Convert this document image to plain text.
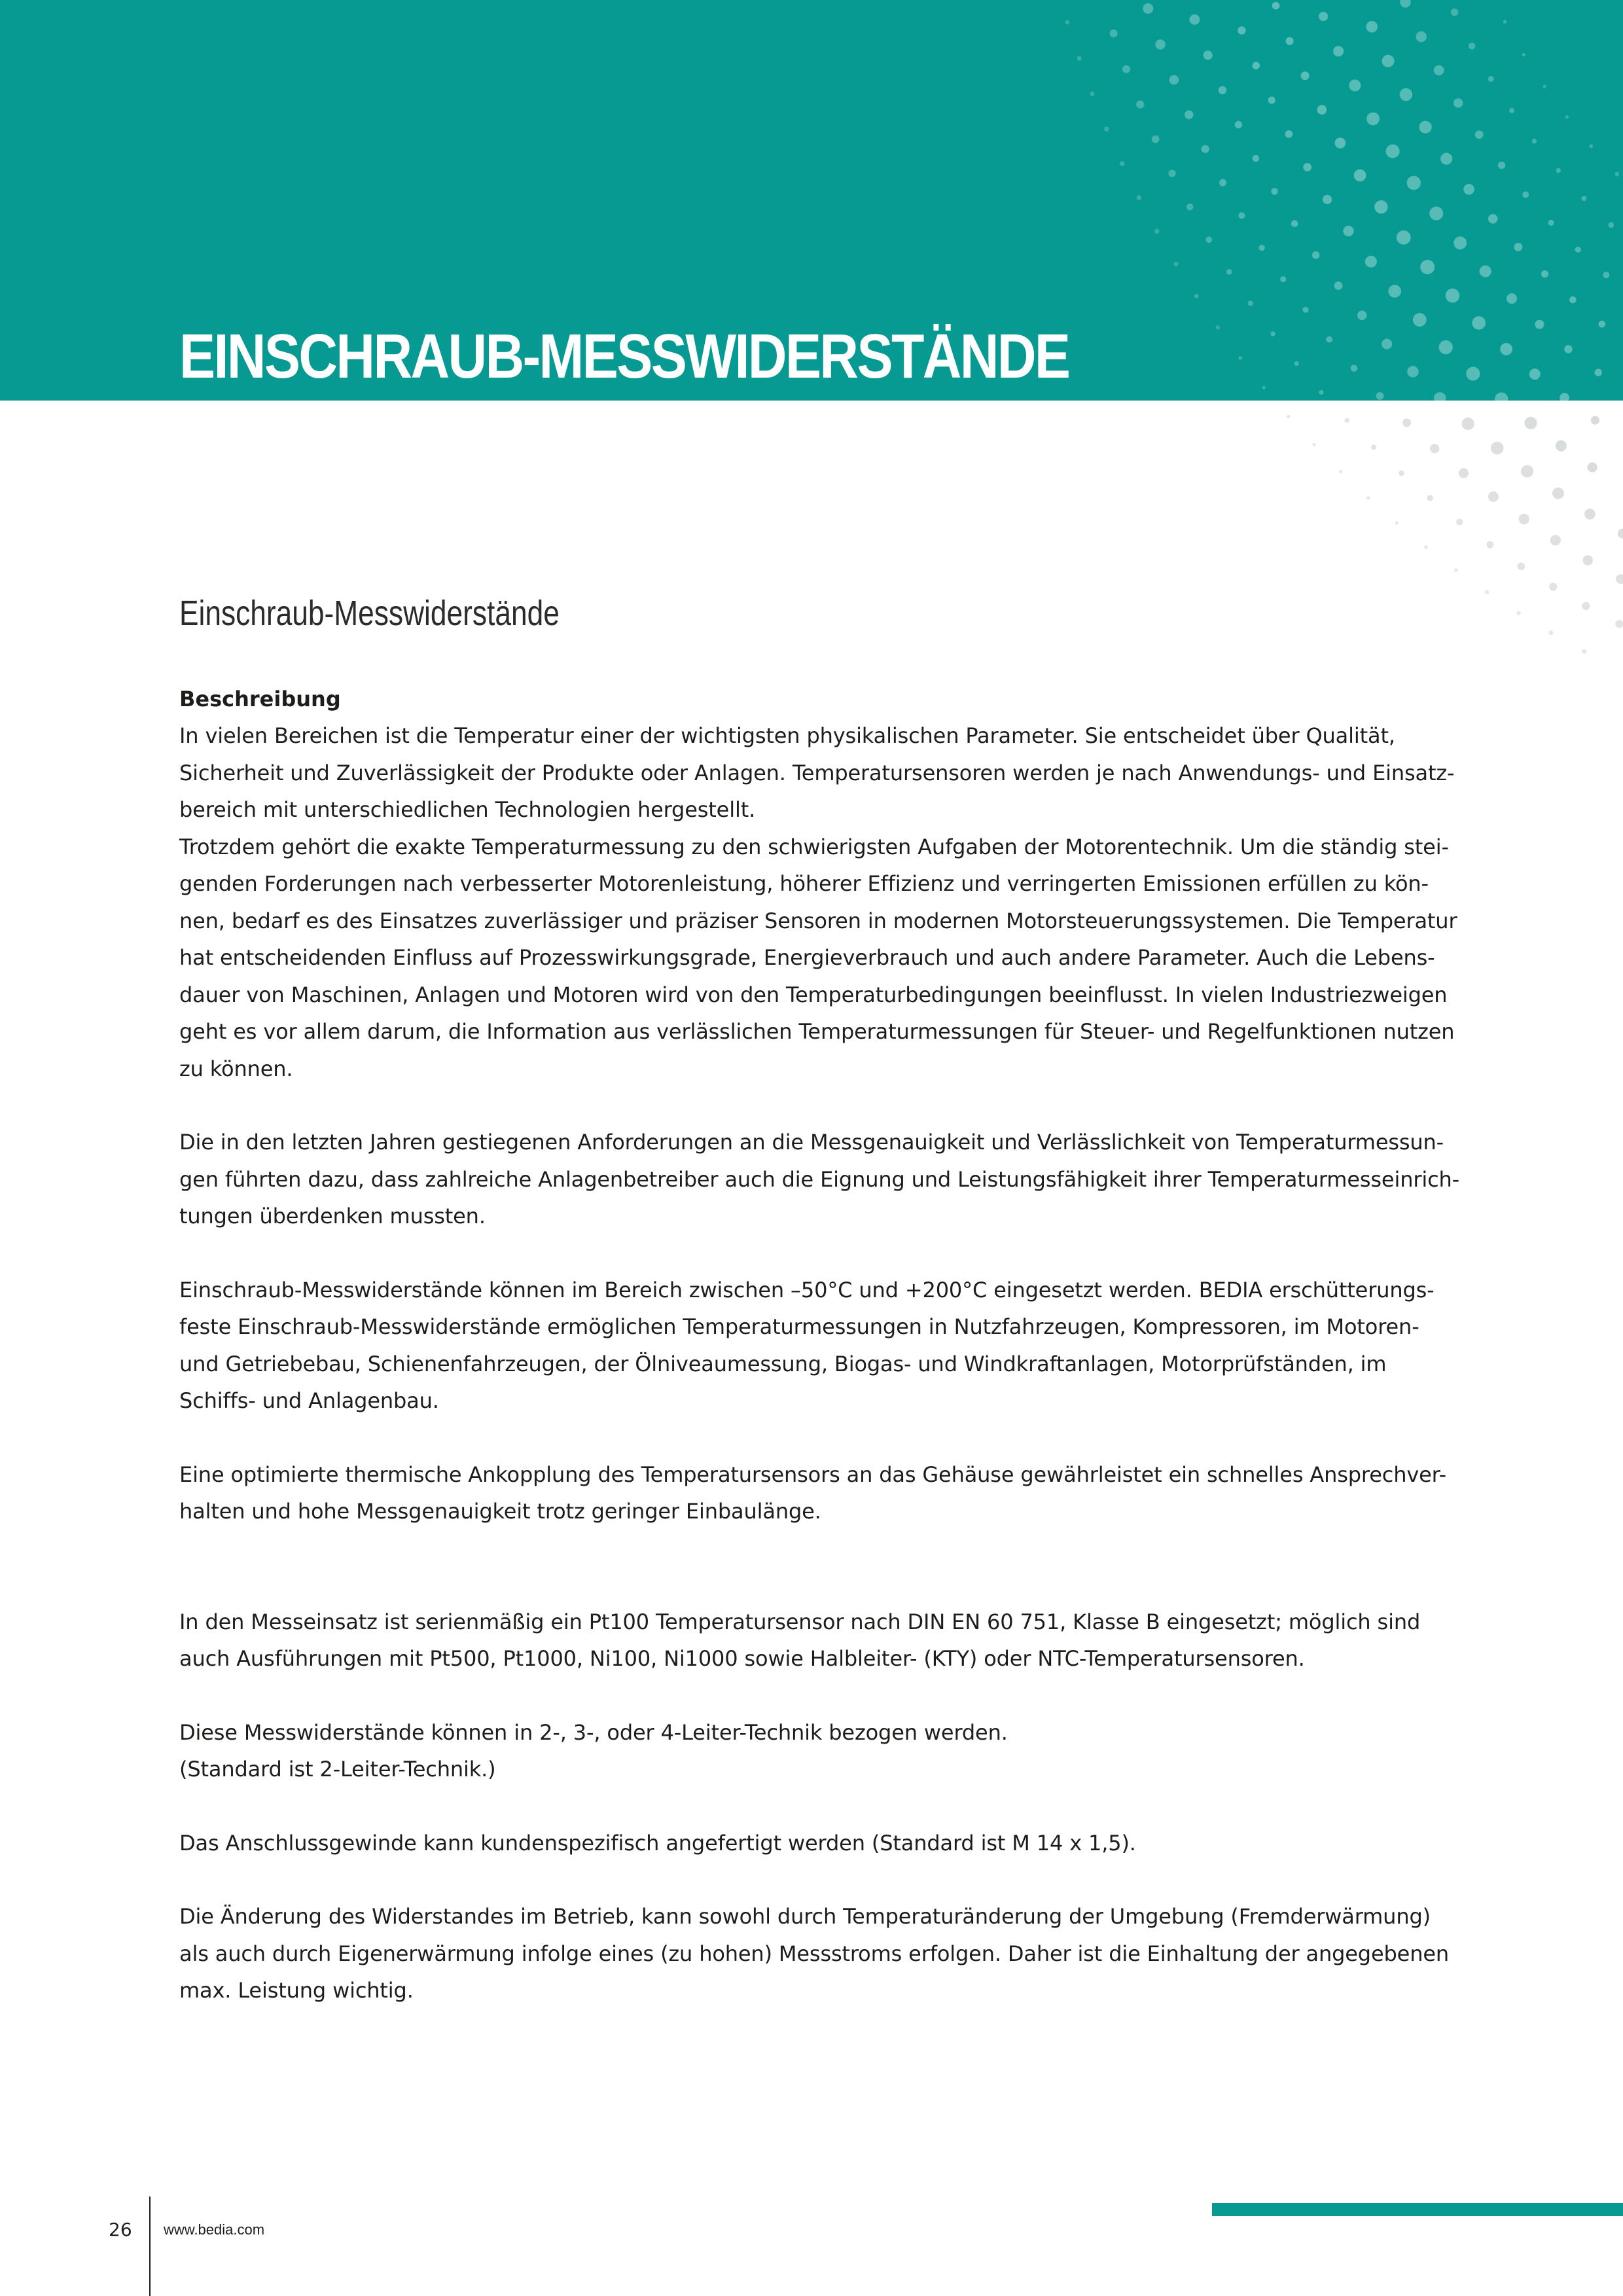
EINSCHRAUB-MESSWIDERSTÄNDE
Einschraub-Messwiderstände

Beschreibung

In vielen Bereichen ist die Temperatur einer der wichtigsten physikalischen Parameter. Sie entscheidet über Qualität,
Sicherheit und Zuverlässigkeit der Produkte oder Anlagen. Temperatursensoren werden je nach Anwendungs- und Einsatz-
bereich mit unterschiedlichen Technologien hergestellt.
Trotzdem gehört die exakte Temperaturmessung zu den schwierigsten Aufgaben der Motorentechnik. Um die ständig stei-
genden Forderungen nach verbesserter Motorenleistung, höherer Effizienz und verringerten Emissionen erfüllen zu kön-
nen, bedarf es des Einsatzes zuverlässiger und präziser Sensoren in modernen Motorsteuerungssystemen. Die Temperatur
hat entscheidenden Einfluss auf Prozesswirkungsgrade, Energieverbrauch und auch andere Parameter. Auch die Lebens-
dauer von Maschinen, Anlagen und Motoren wird von den Temperaturbedingungen beeinflusst. In vielen Industriezweigen
geht es vor allem darum, die Information aus verlässlichen Temperaturmessungen für Steuer- und Regelfunktionen nutzen
zu können.

Die in den letzten Jahren gestiegenen Anforderungen an die Messgenauigkeit und Verlässlichkeit von Temperaturmessun-
gen führten dazu, dass zahlreiche Anlagenbetreiber auch die Eignung und Leistungsfähigkeit ihrer Temperaturmesseinrich-
tungen überdenken mussten.

Einschraub-Messwiderstände können im Bereich zwischen –50°C und +200°C eingesetzt werden. BEDIA erschütterungs-
feste Einschraub-Messwiderstände ermöglichen Temperaturmessungen in Nutzfahrzeugen, Kompressoren, im Motoren-
und Getriebebau, Schienenfahrzeugen, der Ölniveaumessung, Biogas- und Windkraftanlagen, Motorprüfständen, im
Schiffs- und Anlagenbau.

Eine optimierte thermische Ankopplung des Temperatursensors an das Gehäuse gewährleistet ein schnelles Ansprechver-
halten und hohe Messgenauigkeit trotz geringer Einbaulänge.

In den Messeinsatz ist serienmäßig ein Pt100 Temperatursensor nach DIN EN 60 751, Klasse B eingesetzt; möglich sind
auch Ausführungen mit Pt500, Pt1000, Ni100, Ni1000 sowie Halbleiter- (KTY) oder NTC-Temperatursensoren.

Diese Messwiderstände können in 2-, 3-, oder 4-Leiter-Technik bezogen werden.
(Standard ist 2-Leiter-Technik.)

Das Anschlussgewinde kann kundenspezifisch angefertigt werden (Standard ist M 14 x 1,5).

Die Änderung des Widerstandes im Betrieb, kann sowohl durch Temperaturänderung der Umgebung (Fremderwärmung)
als auch durch Eigenerwärmung infolge eines (zu hohen) Messstroms erfolgen. Daher ist die Einhaltung der angegebenen
max. Leistung wichtig.

26 www.bedia.com
